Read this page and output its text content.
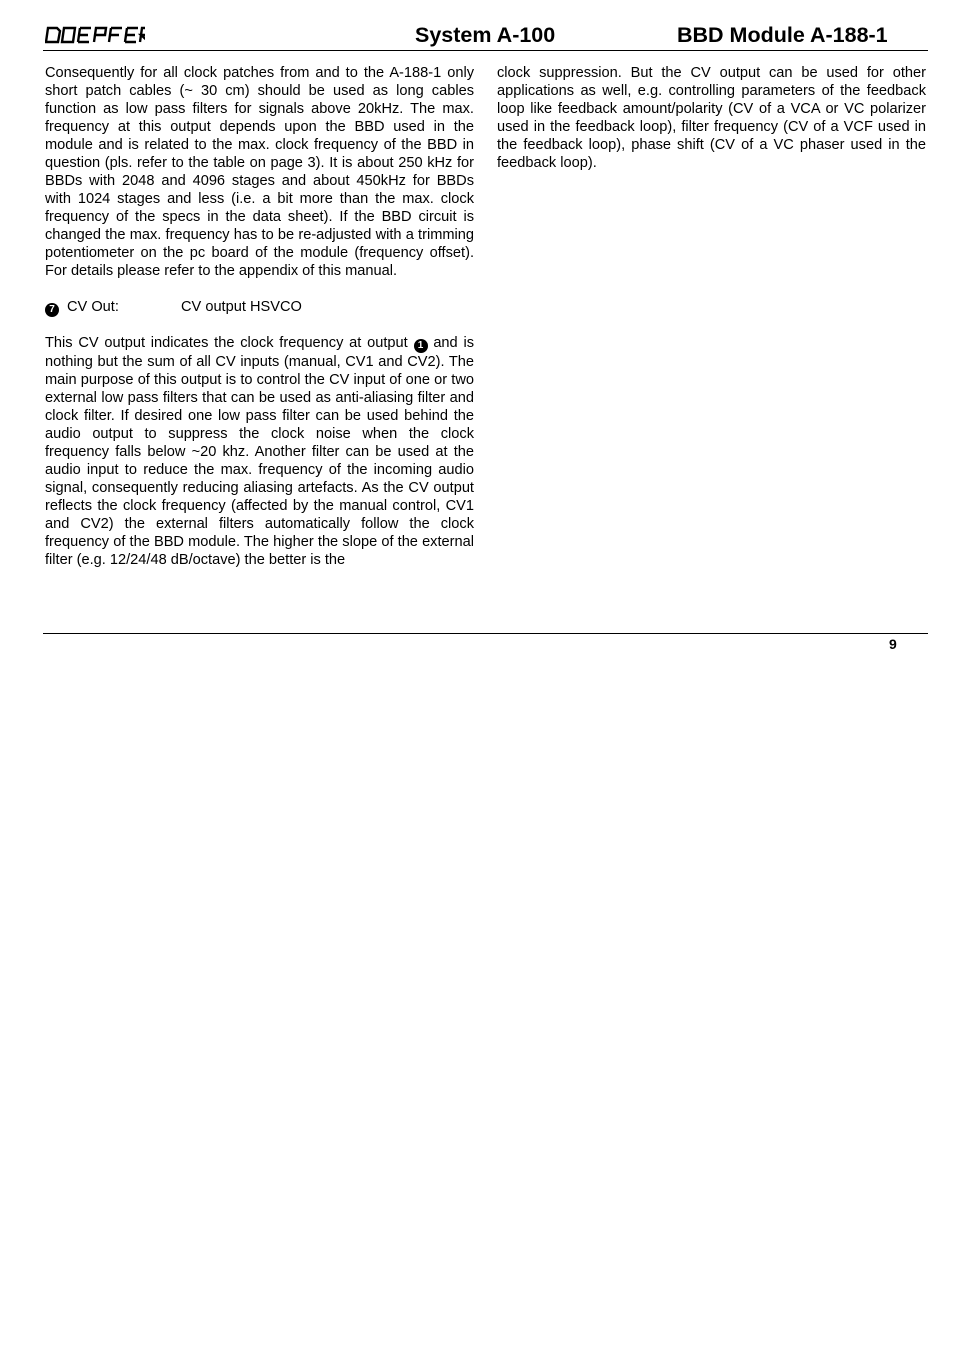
System A-100	BBD Module A-188-1

Consequently for all clock patches from and to the A-188-1 only short patch cables (~ 30 cm) should be used as long cables function as low pass filters for signals above 20kHz. The max. frequency at this output depends upon the BBD used in the module and is related to the max. clock frequency of the BBD in question (pls. refer to the table on page 3). It is about 250 kHz for BBDs with 2048 and 4096 stages and about 450kHz for BBDs with 1024 stages and less (i.e. a bit more than the max. clock frequency of the specs in the data sheet). If the BBD circuit is changed the max. frequency has to be re-adjusted with a trimming potentiometer on the pc board of the module (frequency offset). For details please refer to the appendix of this manual.

7 CV Out:	CV output HSVCO

This CV output indicates the clock frequency at output 1 and is nothing but the sum of all CV inputs (manual, CV1 and CV2). The main purpose of this output is to control the CV input of one or two external low pass filters that can be used as anti-aliasing filter and clock filter. If desired one low pass filter can be used behind the audio output to suppress the clock noise when the clock frequency falls below ~20 khz. Another filter can be used at the audio input to reduce the max. frequency of the incoming audio signal, consequently reducing aliasing artefacts. As the CV output reflects the clock frequency (affected by the manual control, CV1 and CV2) the external filters automatically follow the clock frequency of the BBD module. The higher the slope of the external filter (e.g. 12/24/48 dB/octave) the better is the

clock suppression. But the CV output can be used for other applications as well, e.g. controlling parameters of the feedback loop like feedback amount/polarity (CV of a VCA or VC polarizer used in the feedback loop), filter frequency (CV of a VCF used in the feedback loop), phase shift (CV of a VC phaser used in the feedback loop).

9
